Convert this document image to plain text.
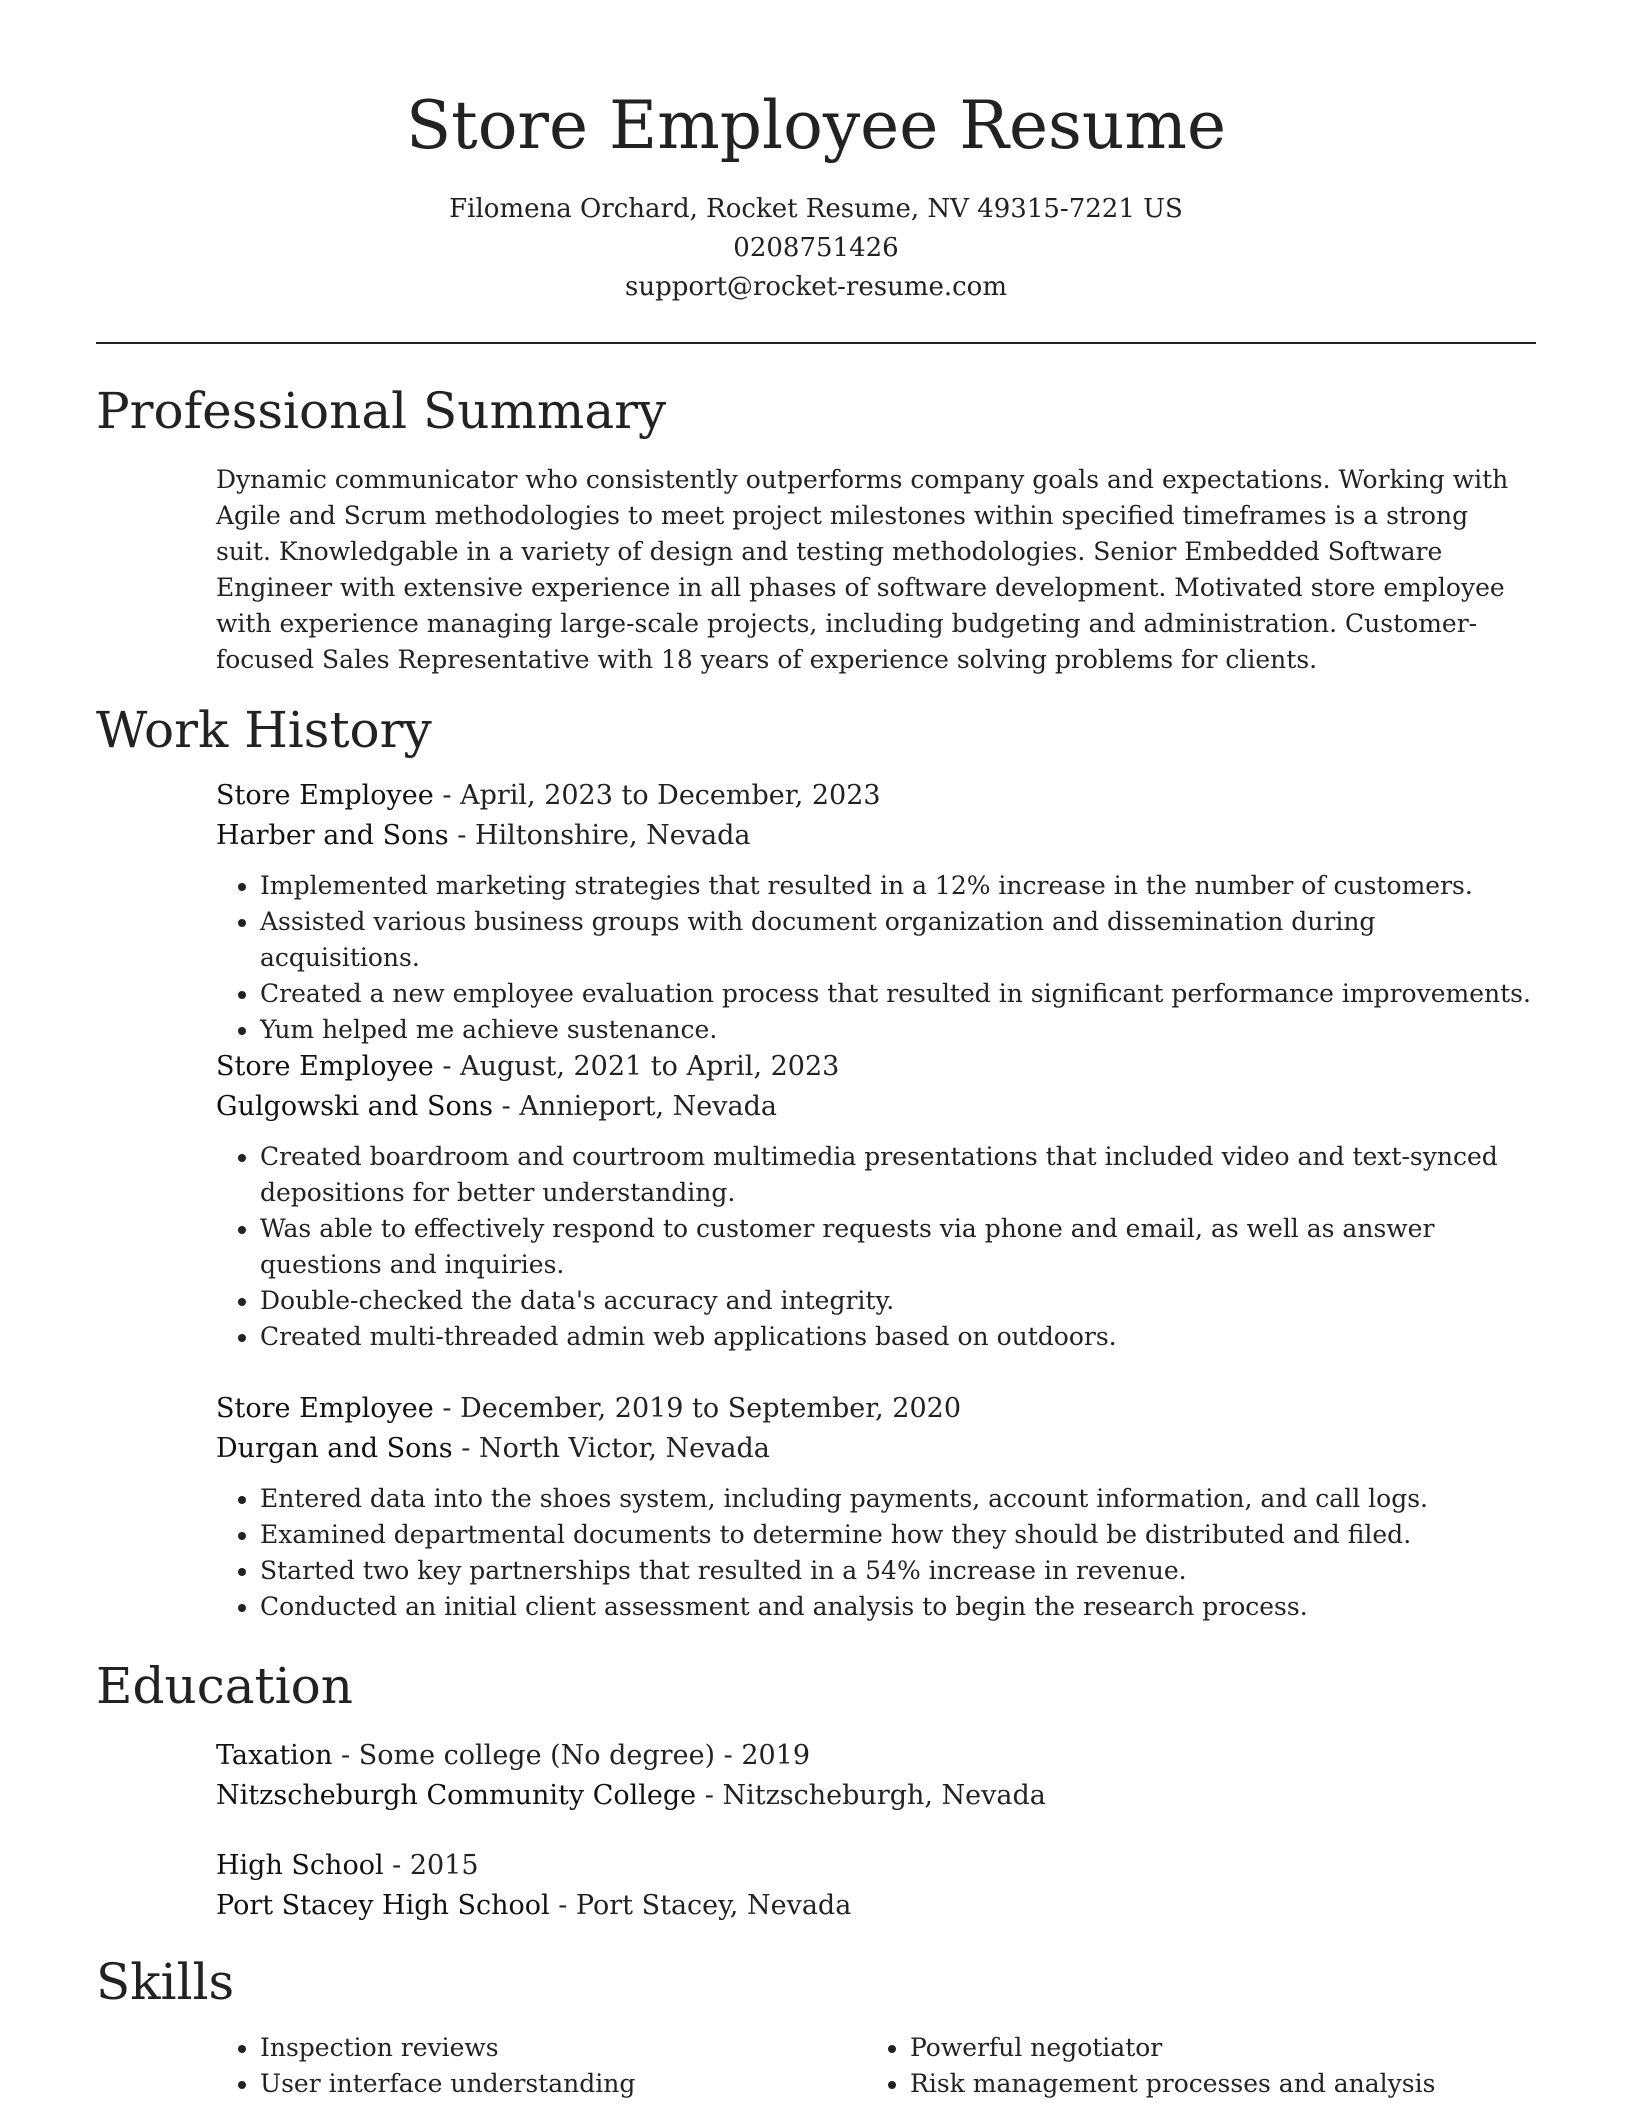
Store Employee Resume
Filomena Orchard, Rocket Resume, NV 49315-7221 US
0208751426
support@rocket-resume.com
Professional Summary

Dynamic communicator who consistently outperforms company goals and expectations. Working with Agile and Scrum methodologies to meet project milestones within specified timeframes is a strong suit. Knowledgable in a variety of design and testing methodologies. Senior Embedded Software Engineer with extensive experience in all phases of software development. Motivated store employee with experience managing large-scale projects, including budgeting and administration. Customer-focused Sales Representative with 18 years of experience solving problems for clients.

Work History
Store Employee - April, 2023 to December, 2023
Harber and Sons - Hiltonshire, Nevada
• Implemented marketing strategies that resulted in a 12% increase in the number of customers.
• Assisted various business groups with document organization and dissemination during acquisitions.
• Created a new employee evaluation process that resulted in significant performance improvements.
• Yum helped me achieve sustenance.
Store Employee - August, 2021 to April, 2023
Gulgowski and Sons - Annieport, Nevada
• Created boardroom and courtroom multimedia presentations that included video and text-synced depositions for better understanding.
• Was able to effectively respond to customer requests via phone and email, as well as answer questions and inquiries.
• Double-checked the data's accuracy and integrity.
• Created multi-threaded admin web applications based on outdoors.
Store Employee - December, 2019 to September, 2020
Durgan and Sons - North Victor, Nevada
• Entered data into the shoes system, including payments, account information, and call logs.
• Examined departmental documents to determine how they should be distributed and filed.
• Started two key partnerships that resulted in a 54% increase in revenue.
• Conducted an initial client assessment and analysis to begin the research process.
Education
Taxation - Some college (No degree) - 2019
Nitzscheburgh Community College - Nitzscheburgh, Nevada
High School - 2015
Port Stacey High School - Port Stacey, Nevada
Skills
• Inspection reviews
• User interface understanding
• Powerful negotiator
• Risk management processes and analysis
